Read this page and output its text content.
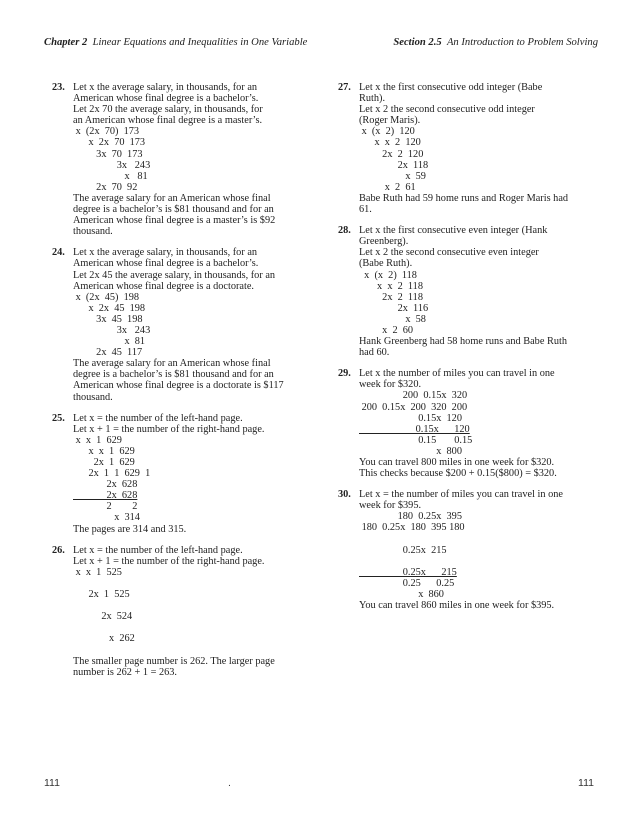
Chapter 2 Linear Equations and Inequalities in One Variable	Section 2.5 An Introduction to Problem Solving
23. Let x the average salary, in thousands, for an
American whose final degree is a bachelor’s.
Let 2x 70 the average salary, in thousands, for
an American whose final degree is a master’s.
x  (2x  70)  173
x  2x  70  173
3x  70  173
3x   243
x   81
2x  70  92
The average salary for an American whose final
degree is a bachelor’s is $81 thousand and for an
American whose final degree is a master’s is $92
thousand.
24. Let x the average salary, in thousands, for an
American whose final degree is a bachelor’s.
Let 2x 45 the average salary, in thousands, for an
American whose final degree is a doctorate.
x  (2x  45)  198
x  2x  45  198
3x  45  198
3x   243
x  81
2x  45  117
The average salary for an American whose final
degree is a bachelor’s is $81 thousand and for an
American whose final degree is a doctorate is $117
thousand.
25. Let x = the number of the left-hand page.
Let x + 1 = the number of the right-hand page.
x  x  1  629
x  x  1  629
2x  1  629
2x  1  1  629  1
2x  628
2x  628
2        2
x  314
The pages are 314 and 315.
26. Let x = the number of the left-hand page.
Let x + 1 = the number of the right-hand page.
x  x  1  525
2x  1  525
2x  524
x  262
The smaller page number is 262. The larger page
number is 262 + 1 = 263.
27. Let x the first consecutive odd integer (Babe
Ruth).
Let x 2 the second consecutive odd integer
(Roger Maris).
x  (x  2)  120
x  x  2  120
2x  2  120
2x  118
x  59
x  2  61
Babe Ruth had 59 home runs and Roger Maris had
61.
28. Let x the first consecutive even integer (Hank
Greenberg).
Let x 2 the second consecutive even integer
(Babe Ruth).
x  (x  2)  118
x  x  2  118
2x  2  118
2x  116
x  58
x  2  60
Hank Greenberg had 58 home runs and Babe Ruth
had 60.
29. Let x the number of miles you can travel in one
week for $320.
200  0.15x  320
200  0.15x  200  320  200
0.15x  120
0.15x      120
0.15       0.15
x  800
You can travel 800 miles in one week for $320.
This checks because $200 + 0.15($800) = $320.
30. Let x = the number of miles you can travel in one
week for $395.
180  0.25x  395
180  0.25x  180  395 180
0.25x  215
0.25x      215
0.25      0.25
x  860
You can travel 860 miles in one week for $395.
111	.	111
